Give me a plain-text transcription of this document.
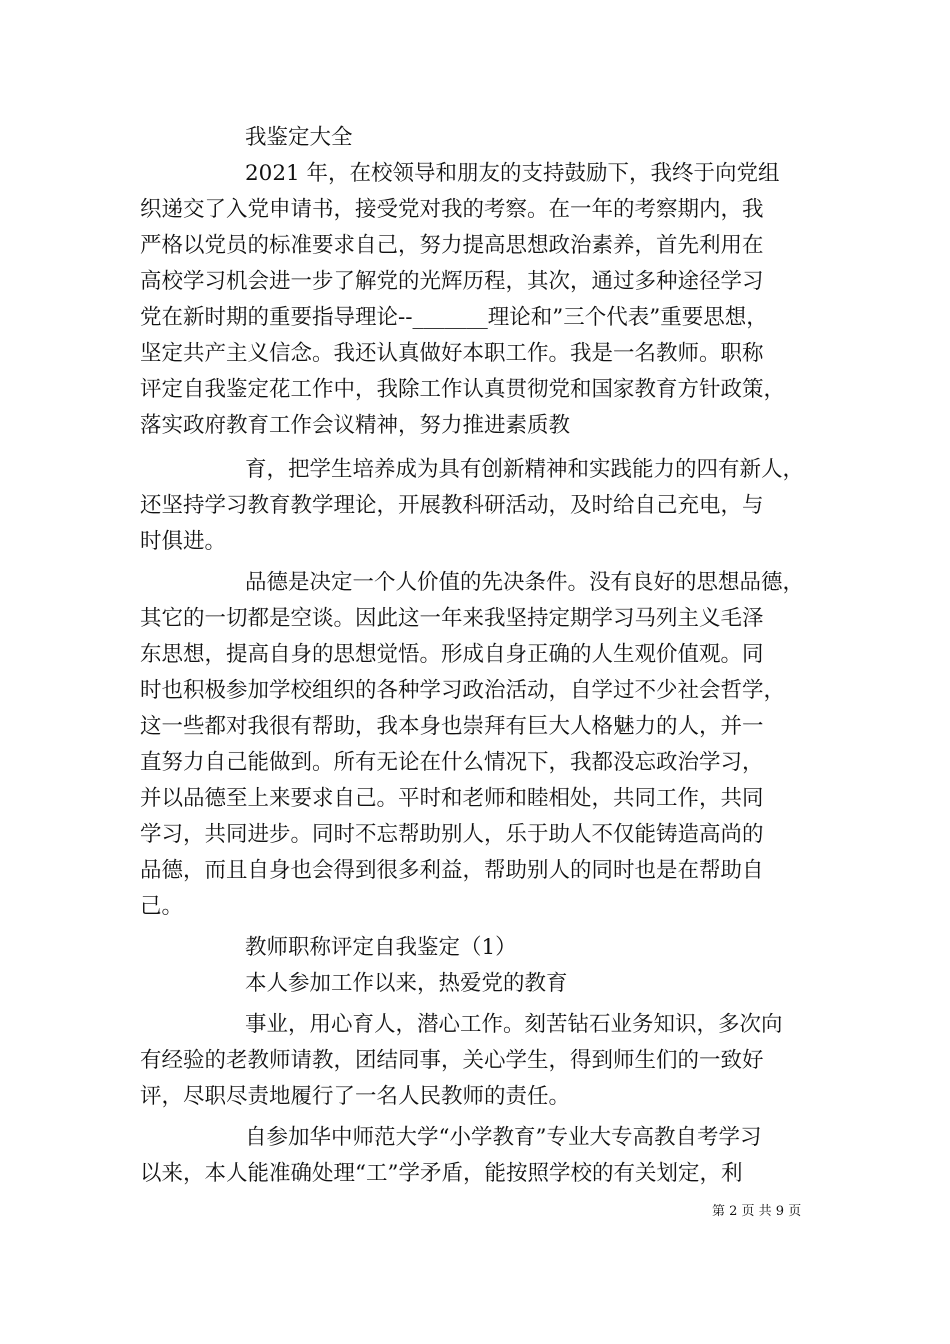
我鉴定大全
2021 年，在校领导和朋友的支持鼓励下，我终于向党组
织递交了入党申请书，接受党对我的考察。在一年的考察期内，我
严格以党员的标准要求自己，努力提高思想政治素养，首先利用在
高校学习机会进一步了解党的光辉历程，其次，通过多种途径学习
党在新时期的重要指导理论--_______理论和”三个代表”重要思想，
坚定共产主义信念。我还认真做好本职工作。我是一名教师。职称
评定自我鉴定花工作中，我除工作认真贯彻党和国家教育方针政策，
落实政府教育工作会议精神，努力推进素质教
育，把学生培养成为具有创新精神和实践能力的四有新人，
还坚持学习教育教学理论，开展教科研活动，及时给自己充电，与
时俱进。
品德是决定一个人价值的先决条件。没有良好的思想品德，
其它的一切都是空谈。因此这一年来我坚持定期学习马列主义毛泽
东思想，提高自身的思想觉悟。形成自身正确的人生观价值观。同
时也积极参加学校组织的各种学习政治活动，自学过不少社会哲学，
这一些都对我很有帮助，我本身也崇拜有巨大人格魅力的人，并一
直努力自己能做到。所有无论在什么情况下，我都没忘政治学习，
并以品德至上来要求自己。平时和老师和睦相处，共同工作，共同
学习，共同进步。同时不忘帮助别人，乐于助人不仅能铸造高尚的
品德，而且自身也会得到很多利益，帮助别人的同时也是在帮助自
己。
教师职称评定自我鉴定（1）
本人参加工作以来，热爱党的教育
事业，用心育人，潜心工作。刻苦钻石业务知识，多次向
有经验的老教师请教，团结同事，关心学生，得到师生们的一致好
评，尽职尽责地履行了一名人民教师的责任。
自参加华中师范大学“小学教育”专业大专高教自考学习
以来，本人能准确处理“工”学矛盾，能按照学校的有关划定，利
第 2 页 共 9 页
